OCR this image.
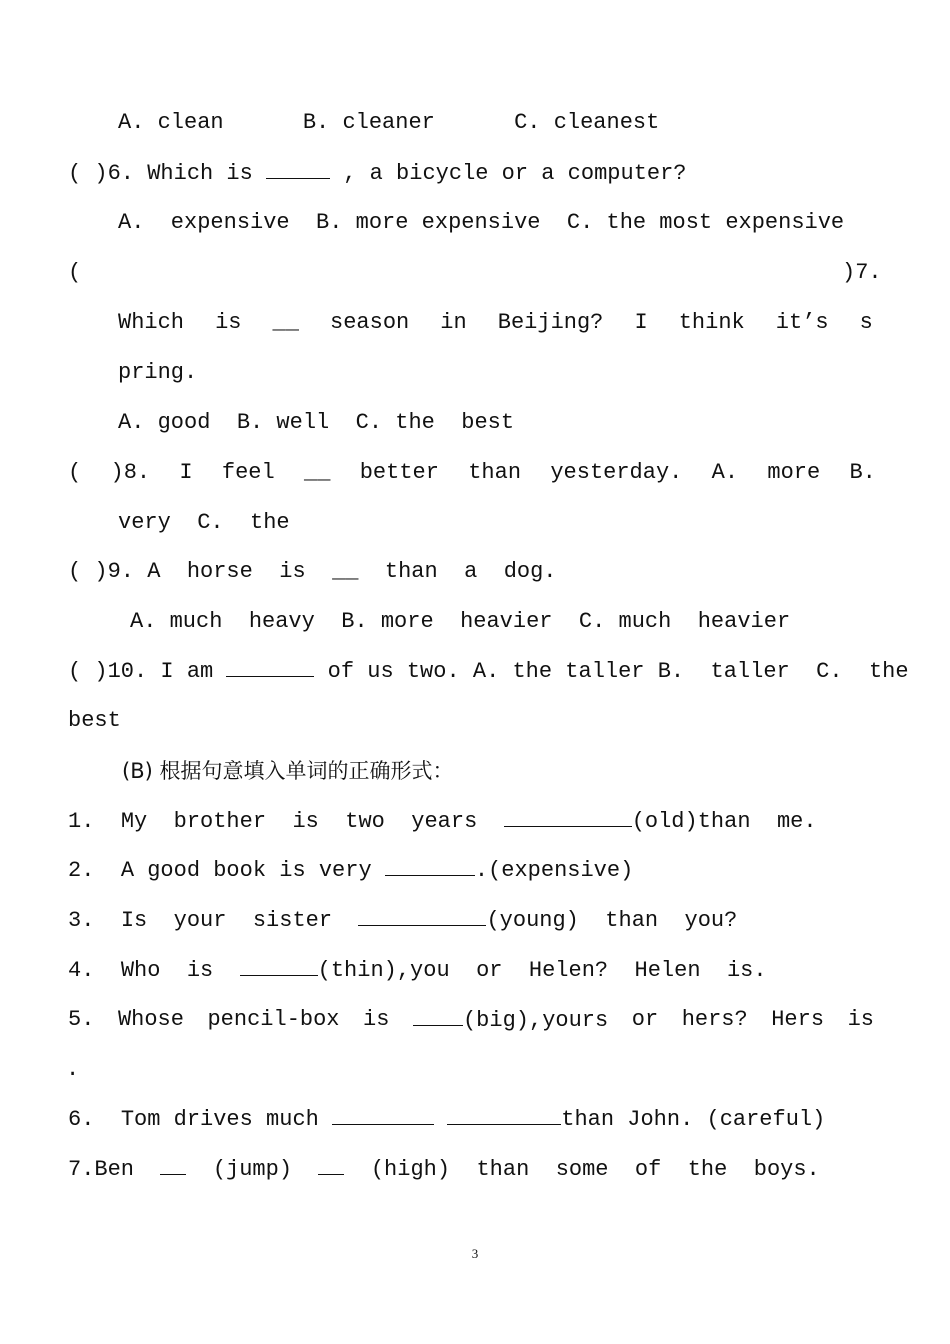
A. clean	B. cleaner	C. cleanest
( )6. Which is	, a bicycle or a computer?
A.  expensive B. more expensive C. the most expensive
(	)7.
Which is __ season in Beijing? I think it’s s
pring.
A. good B. well C. the best
( )8. I feel __ better than yesterday. A. more B.
very C. the
( )9. A horse is __ than a dog.
A. much heavy B. more heavier C. much heavier
( )10. I am	of us two. A. the taller B.  taller C.  the
best
(B) 根据句意填入单词的正确形式：
1. My brother is two years	(old)than me.
2. A good book is very	.(expensive)
3. Is your sister	(young) than you?
4. Who is	(thin),you or Helen? Helen is.
5. Whose pencil-box is	(big),yours or hers? Hers is
.
6. Tom drives much	than John. (careful)
7.Ben	(jump)	(high) than some of the boys.
3
